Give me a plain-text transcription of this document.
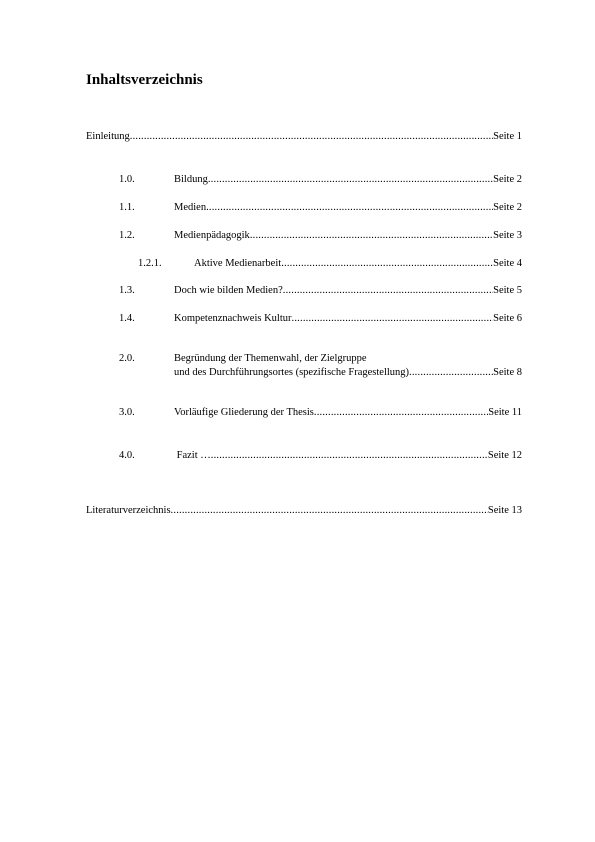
Inhaltsverzeichnis
Einleitung .....	Seite 1
1.0.	Bildung .....	Seite 2
1.1.	Medien .....	Seite 2
1.2.	Medienpädagogik .....	Seite 3
1.2.1.	Aktive Medienarbeit .....	Seite 4
1.3.	Doch wie bilden Medien? .....	Seite 5
1.4.	Kompetenznachweis Kultur .....	Seite 6
2.0.	Begründung der Themenwahl, der Zielgruppe
und des Durchführungsortes (spezifische Fragestellung) .....	Seite 8
3.0.	Vorläufige Gliederung der Thesis .....	Seite 11
4.0.	Fazit … .....	Seite 12
Literaturverzeichnis .....	Seite 13
